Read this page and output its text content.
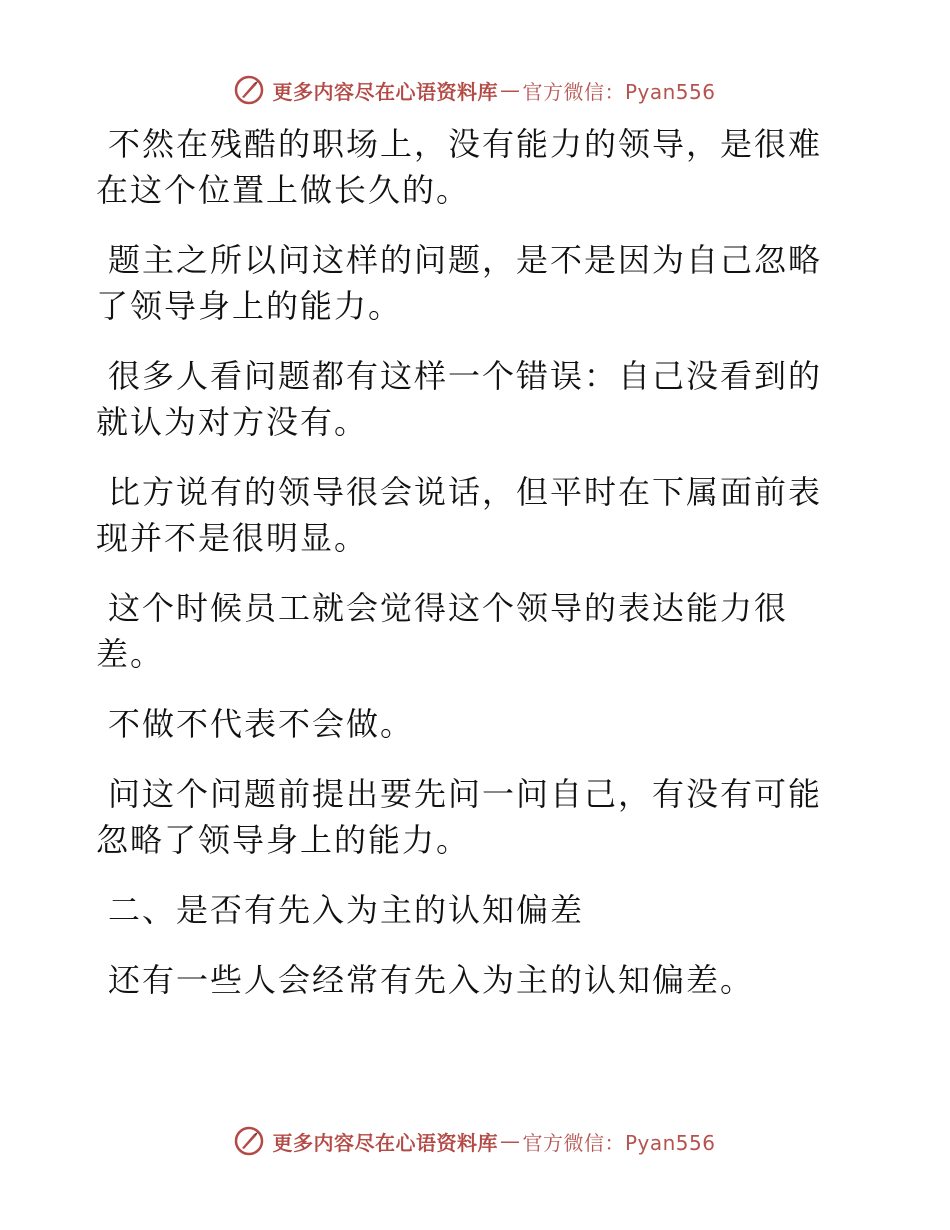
更多内容尽在心语资料库 — 官方微信：Pyan556

不然在残酷的职场上，没有能力的领导，是很难在这个位置上做长久的。

题主之所以问这样的问题，是不是因为自己忽略了领导身上的能力。

很多人看问题都有这样一个错误：自己没看到的就认为对方没有。

比方说有的领导很会说话，但平时在下属面前表现并不是很明显。

这个时候员工就会觉得这个领导的表达能力很差。

不做不代表不会做。

问这个问题前提出要先问一问自己，有没有可能忽略了领导身上的能力。

二、是否有先入为主的认知偏差

还有一些人会经常有先入为主的认知偏差。

更多内容尽在心语资料库 — 官方微信：Pyan556
